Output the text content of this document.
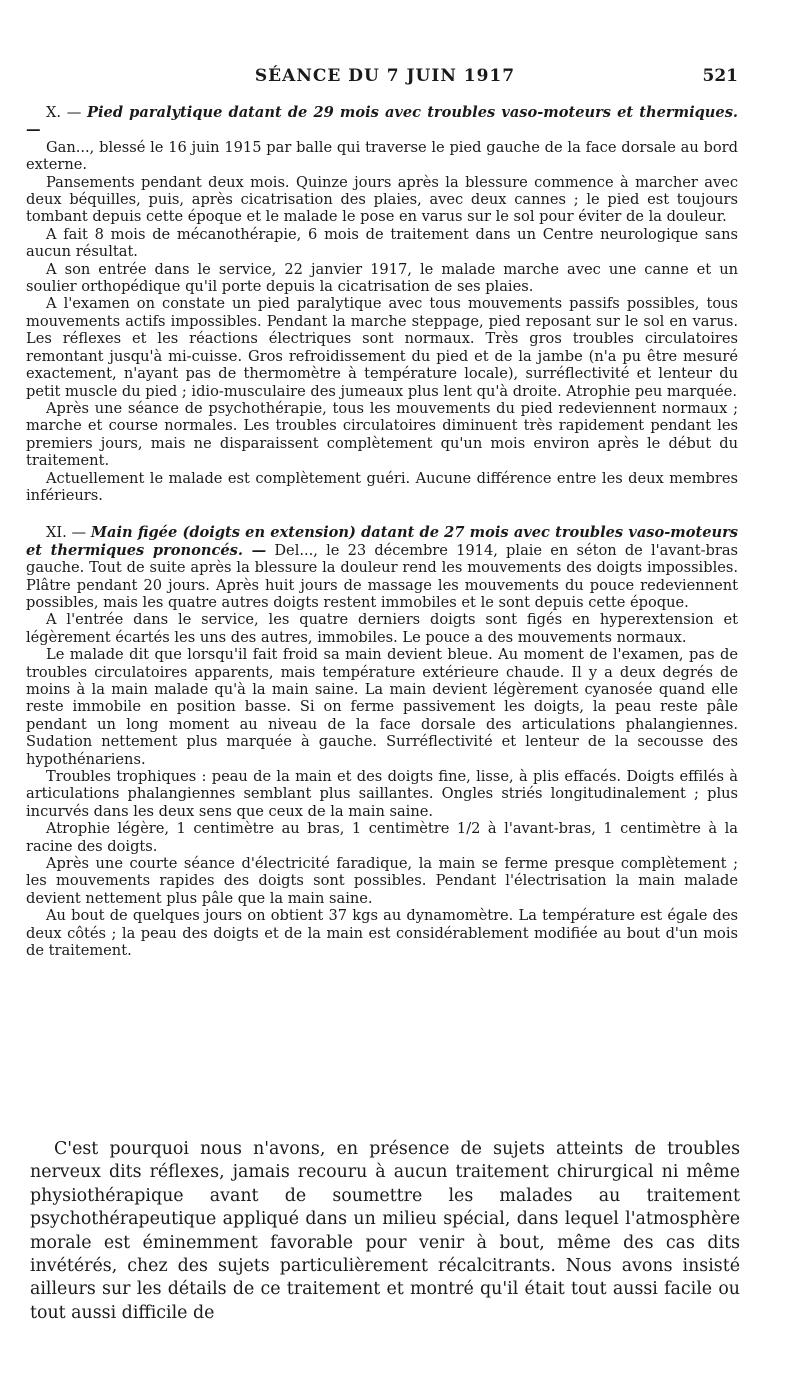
SÉANCE DU 7 JUIN 1917	521

X. — Pied paralytique datant de 29 mois avec troubles vaso-moteurs et thermiques. —

Gan..., blessé le 16 juin 1915 par balle qui traverse le pied gauche de la face dorsale au bord externe.

Pansements pendant deux mois. Quinze jours après la blessure commence à marcher avec deux béquilles, puis, après cicatrisation des plaies, avec deux cannes ; le pied est toujours tombant depuis cette époque et le malade le pose en varus sur le sol pour éviter de la douleur.

A fait 8 mois de mécanothérapie, 6 mois de traitement dans un Centre neurologique sans aucun résultat.

A son entrée dans le service, 22 janvier 1917, le malade marche avec une canne et un soulier orthopédique qu'il porte depuis la cicatrisation de ses plaies.

A l'examen on constate un pied paralytique avec tous mouvements passifs possibles, tous mouvements actifs impossibles. Pendant la marche steppage, pied reposant sur le sol en varus. Les réflexes et les réactions électriques sont normaux. Très gros troubles circulatoires remontant jusqu'à mi-cuisse. Gros refroidissement du pied et de la jambe (n'a pu être mesuré exactement, n'ayant pas de thermomètre à température locale), surréflectivité et lenteur du petit muscle du pied ; idio-musculaire des jumeaux plus lent qu'à droite. Atrophie peu marquée.

Après une séance de psychothérapie, tous les mouvements du pied redeviennent normaux ; marche et course normales. Les troubles circulatoires diminuent très rapidement pendant les premiers jours, mais ne disparaissent complètement qu'un mois environ après le début du traitement.

Actuellement le malade est complètement guéri. Aucune différence entre les deux membres inférieurs.

XI. — Main figée (doigts en extension) datant de 27 mois avec troubles vaso-moteurs et thermiques prononcés. — Del..., le 23 décembre 1914, plaie en séton de l'avant-bras gauche. Tout de suite après la blessure la douleur rend les mouvements des doigts impossibles. Plâtre pendant 20 jours. Après huit jours de massage les mouvements du pouce redeviennent possibles, mais les quatre autres doigts restent immobiles et le sont depuis cette époque.

A l'entrée dans le service, les quatre derniers doigts sont figés en hyperextension et légèrement écartés les uns des autres, immobiles. Le pouce a des mouvements normaux.

Le malade dit que lorsqu'il fait froid sa main devient bleue. Au moment de l'examen, pas de troubles circulatoires apparents, mais température extérieure chaude. Il y a deux degrés de moins à la main malade qu'à la main saine. La main devient légèrement cyanosée quand elle reste immobile en position basse. Si on ferme passivement les doigts, la peau reste pâle pendant un long moment au niveau de la face dorsale des articulations phalangiennes. Sudation nettement plus marquée à gauche. Surréflectivité et lenteur de la secousse des hypothénariens.

Troubles trophiques : peau de la main et des doigts fine, lisse, à plis effacés. Doigts effilés à articulations phalangiennes semblant plus saillantes. Ongles striés longitudinalement ; plus incurvés dans les deux sens que ceux de la main saine.

Atrophie légère, 1 centimètre au bras, 1 centimètre 1/2 à l'avant-bras, 1 centimètre à la racine des doigts.

Après une courte séance d'électricité faradique, la main se ferme presque complètement ; les mouvements rapides des doigts sont possibles. Pendant l'électrisation la main malade devient nettement plus pâle que la main saine.

Au bout de quelques jours on obtient 37 kgs au dynamomètre. La température est égale des deux côtés ; la peau des doigts et de la main est considérablement modifiée au bout d'un mois de traitement.

C'est pourquoi nous n'avons, en présence de sujets atteints de troubles nerveux dits réflexes, jamais recouru à aucun traitement chirurgical ni même physiothérapique avant de soumettre les malades au traitement psychothérapeutique appliqué dans un milieu spécial, dans lequel l'atmosphère morale est éminemment favorable pour venir à bout, même des cas dits invétérés, chez des sujets particulièrement récalcitrants. Nous avons insisté ailleurs sur les détails de ce traitement et montré qu'il était tout aussi facile ou tout aussi difficile de
